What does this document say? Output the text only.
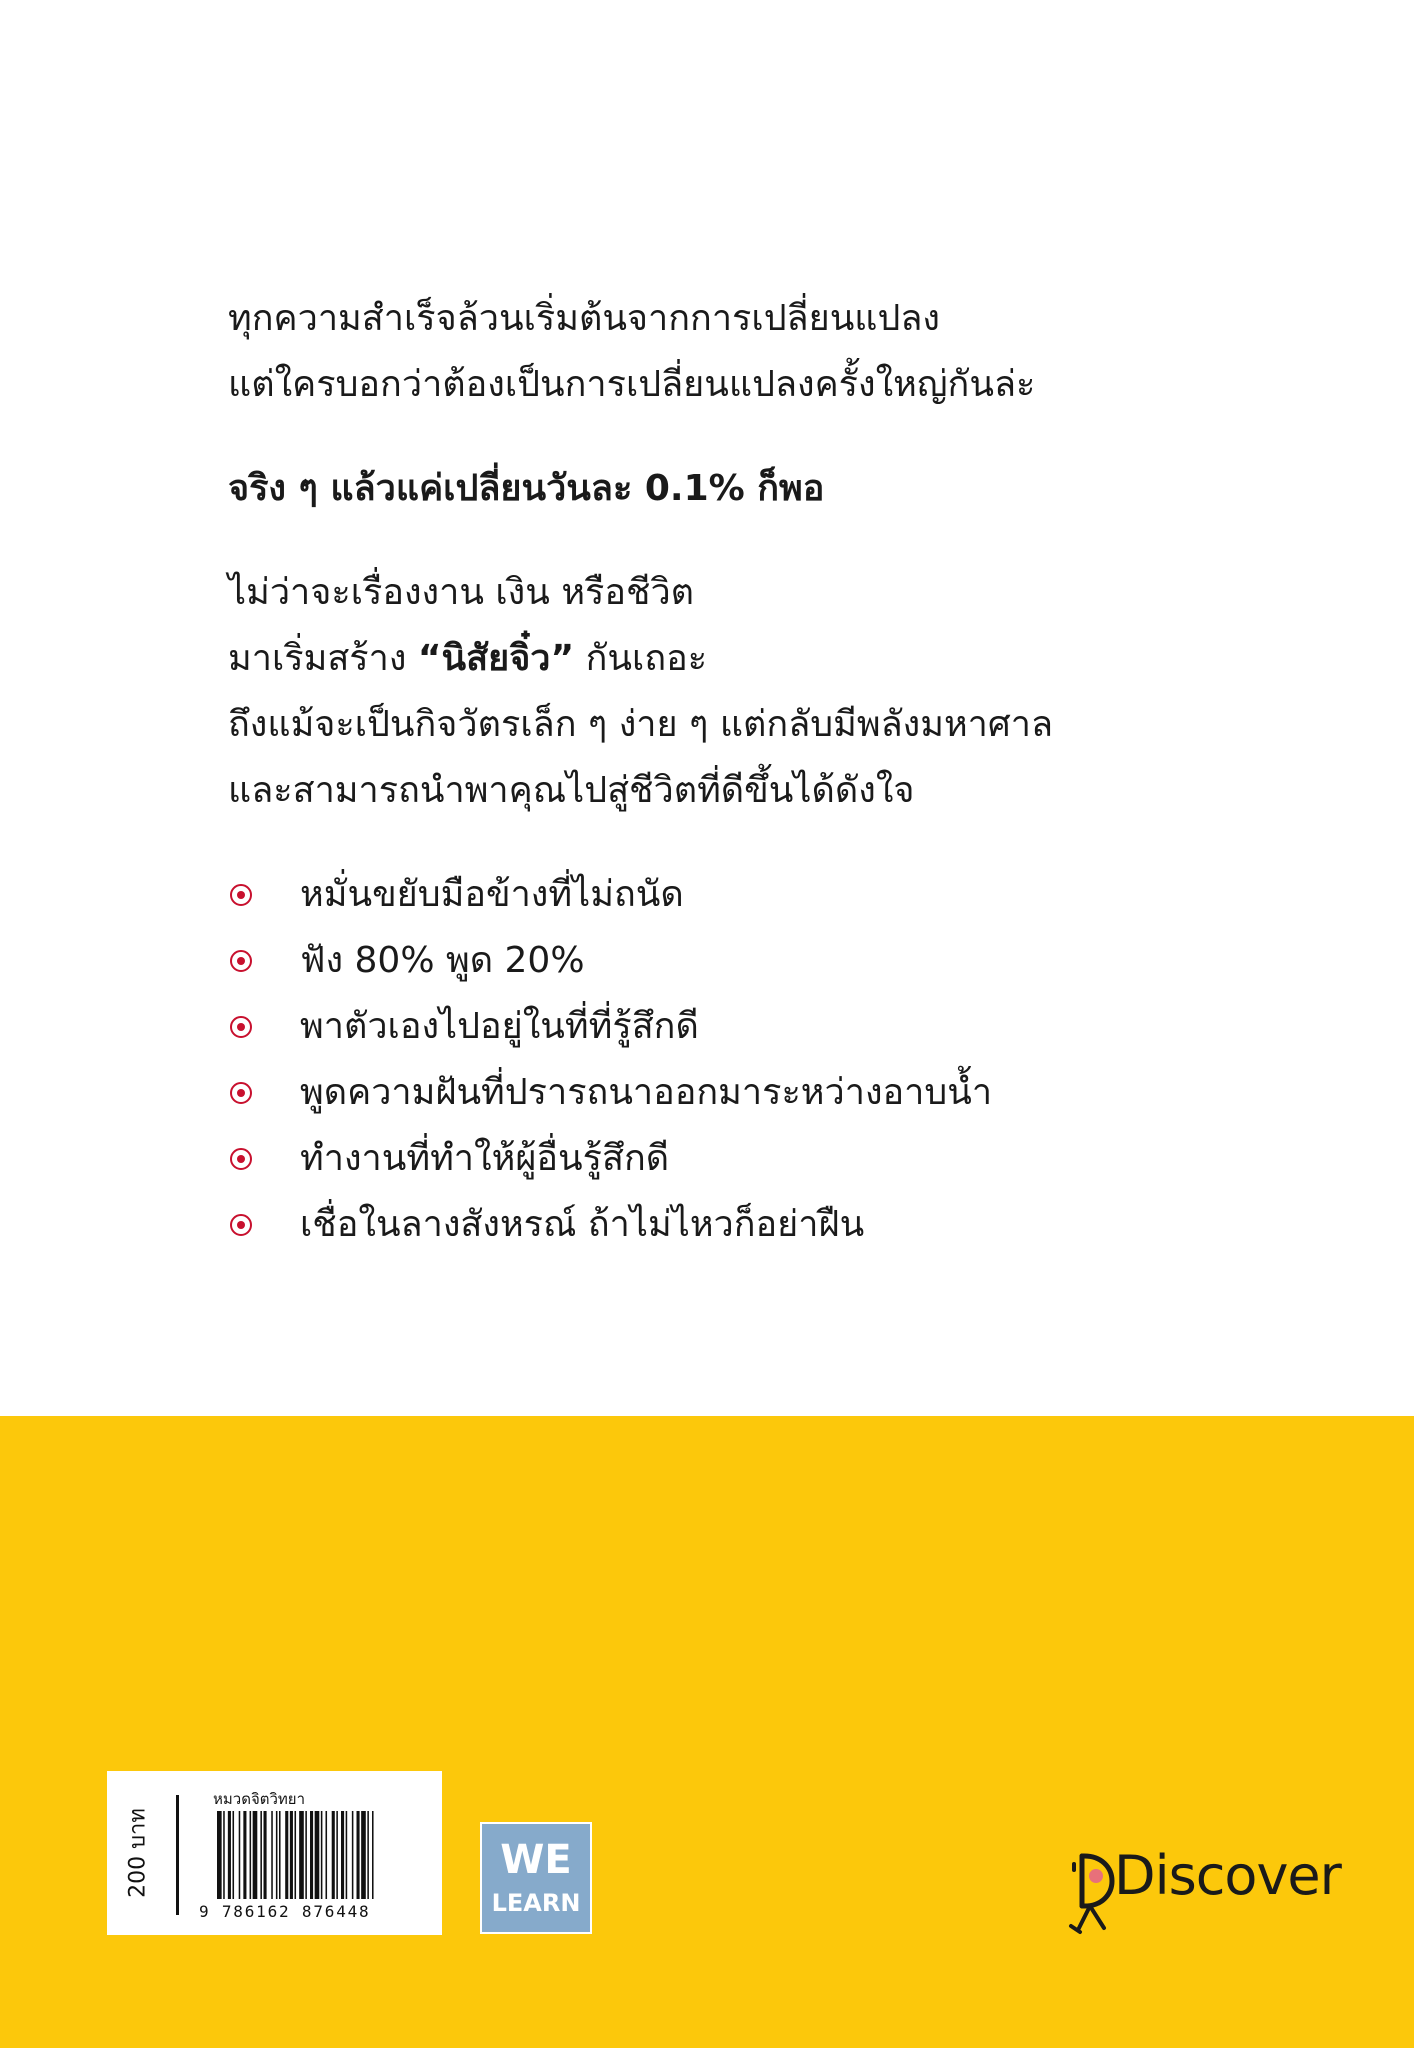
ทุกความสำเร็จล้วนเริ่มต้นจากการเปลี่ยนแปลง
แต่ใครบอกว่าต้องเป็นการเปลี่ยนแปลงครั้งใหญ่กันล่ะ

จริง ๆ แล้วแค่เปลี่ยนวันละ 0.1% ก็พอ

ไม่ว่าจะเรื่องงาน เงิน หรือชีวิต
มาเริ่มสร้าง “นิสัยจิ๋ว” กันเถอะ
ถึงแม้จะเป็นกิจวัตรเล็ก ๆ ง่าย ๆ แต่กลับมีพลังมหาศาล
และสามารถนำพาคุณไปสู่ชีวิตที่ดีขึ้นได้ดังใจ

หมั่นขยับมือข้างที่ไม่ถนัด
ฟัง 80% พูด 20%
พาตัวเองไปอยู่ในที่ที่รู้สึกดี
พูดความฝันที่ปรารถนาออกมาระหว่างอาบน้ำ
ทำงานที่ทำให้ผู้อื่นรู้สึกดี
เชื่อในลางสังหรณ์ ถ้าไม่ไหวก็อย่าฝืน
200 บาท
หมวดจิตวิทยา
9 786162 876448
WE
LEARN	Discover
